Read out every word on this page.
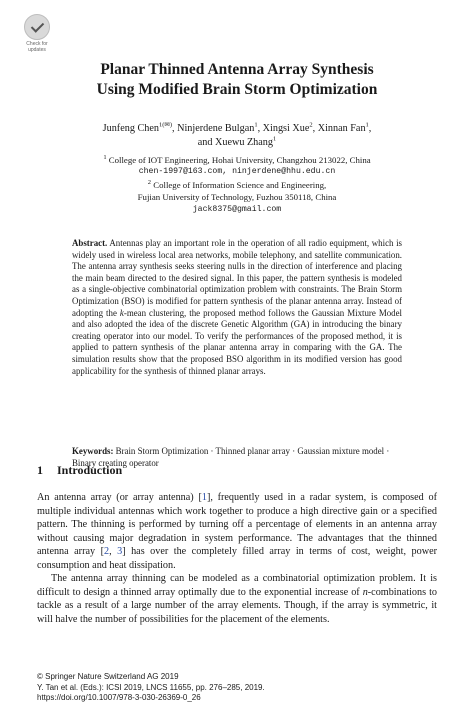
Check for
updates
Planar Thinned Antenna Array Synthesis
Using Modified Brain Storm Optimization
Junfeng Chen$^{1(✉)}$, Ninjerdene Bulgan$^1$, Xingsi Xue$^2$, Xinnan Fan$^1$,
and Xuewu Zhang$^1$
$^1$ College of IOT Engineering, Hohai University, Changzhou 213022, China
chen-1997@163.com, ninjerdene@hhu.edu.cn
$^2$ College of Information Science and Engineering,
Fujian University of Technology, Fuzhou 350118, China
jack8375@gmail.com
Abstract. Antennas play an important role in the operation of all radio equipment, which is widely used in wireless local area networks, mobile telephony, and satellite communication. The antenna array synthesis seeks steering nulls in the direction of interference and placing the main beam directed to the desired signal. In this paper, the pattern synthesis is modeled as a single-objective combinatorial optimization problem with constraints. The Brain Storm Optimization (BSO) is modified for pattern synthesis of the planar antenna array. Instead of adopting the k-mean clustering, the proposed method follows the Gaussian Mixture Model and also adopted the idea of the discrete Genetic Algorithm (GA) in introducing the binary creating operator into our model. To verify the performances of the proposed method, it is applied to pattern synthesis of the planar antenna array in comparing with the GA. The simulation results show that the proposed BSO algorithm in its modified version has good applicability for the synthesis of thinned planar arrays.
Keywords: Brain Storm Optimization · Thinned planar array · Gaussian mixture model · Binary creating operator
1 Introduction

An antenna array (or array antenna) [1], frequently used in a radar system, is composed of multiple individual antennas which work together to produce a high directive gain or a specified pattern. The thinning is performed by turning off a percentage of elements in an antenna array without causing major degradation in system performance. The advantages that the thinned antenna array [2, 3] has over the completely filled array in terms of cost, weight, power consumption and heat dissipation.

The antenna array thinning can be modeled as a combinatorial optimization problem. It is difficult to design a thinned array optimally due to the exponential increase of n-combinations to tackle as a result of a large number of the array elements. Though, if the array is symmetric, it will halve the number of possibilities for the placement of the elements.

© Springer Nature Switzerland AG 2019
Y. Tan et al. (Eds.): ICSI 2019, LNCS 11655, pp. 276–285, 2019.
https://doi.org/10.1007/978-3-030-26369-0_26
